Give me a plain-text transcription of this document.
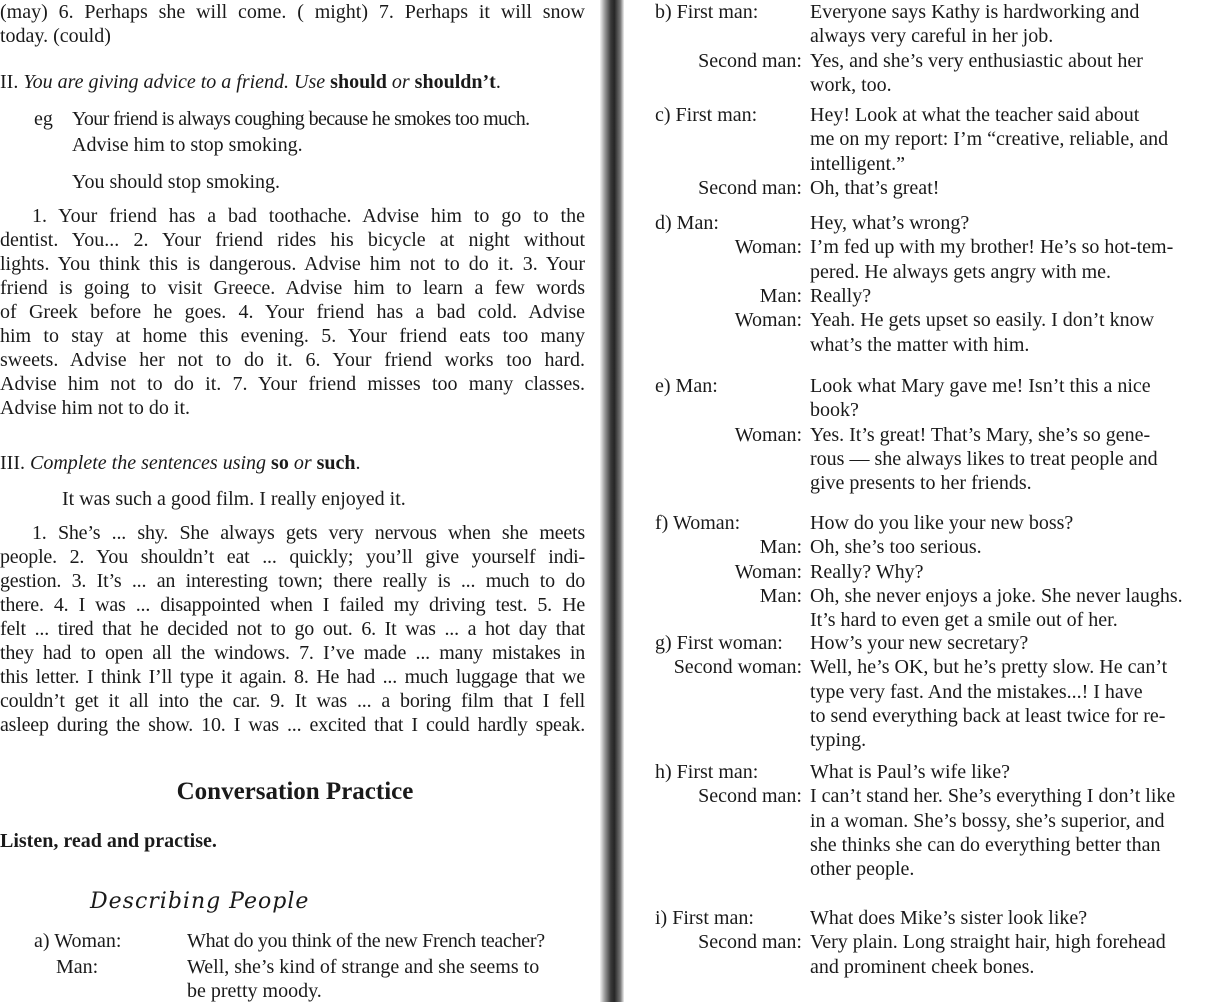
(may) 6. Perhaps she will come. ( might) 7. Perhaps it will snow
today. (could)
II. You are giving advice to a friend. Use should or shouldn’t.
eg Your friend is always coughing because he smokes too much.
Advise him to stop smoking.
You should stop smoking.
1. Your friend has a bad toothache. Advise him to go to the
dentist. You... 2. Your friend rides his bicycle at night without
lights. You think this is dangerous. Advise him not to do it. 3. Your
friend is going to visit Greece. Advise him to learn a few words
of Greek before he goes. 4. Your friend has a bad cold. Advise
him to stay at home this evening. 5. Your friend eats too many
sweets. Advise her not to do it. 6. Your friend works too hard.
Advise him not to do it. 7. Your friend misses too many classes.
Advise him not to do it.
III. Complete the sentences using so or such.
It was such a good film. I really enjoyed it.
1. She’s ... shy. She always gets very nervous when she meets
people. 2. You shouldn’t eat ... quickly; you’ll give yourself indi-
gestion. 3. It’s ... an interesting town; there really is ... much to do
there. 4. I was ... disappointed when I failed my driving test. 5. He
felt ... tired that he decided not to go out. 6. It was ... a hot day that
they had to open all the windows. 7. I’ve made ... many mistakes in
this letter. I think I’ll type it again. 8. He had ... much luggage that we
couldn’t get it all into the car. 9. It was ... a boring film that I fell
asleep during the show. 10. I was ... excited that I could hardly speak.
Conversation Practice
Listen, read and practise.
Describing People
a) Woman:	What do you think of the new French teacher?
Man:	Well, she’s kind of strange and she seems to
be pretty moody.
b) First man:	Everyone says Kathy is hardworking and
always very careful in her job.
Second man: Yes, and she’s very enthusiastic about her
work, too.
c) First man:	Hey! Look at what the teacher said about
me on my report: I’m “creative, reliable, and
intelligent.”
Second man: Oh, that’s great!
d) Man:	Hey, what’s wrong?
Woman: I’m fed up with my brother! He’s so hot-tem-
pered. He always gets angry with me.
Man: Really?
Woman: Yeah. He gets upset so easily. I don’t know
what’s the matter with him.
e) Man:	Look what Mary gave me! Isn’t this a nice
book?
Woman: Yes. It’s great! That’s Mary, she’s so gene-
rous — she always likes to treat people and
give presents to her friends.
f) Woman:	How do you like your new boss?
Man: Oh, she’s too serious.
Woman: Really? Why?
Man: Oh, she never enjoys a joke. She never laughs.
It’s hard to even get a smile out of her.
g) First woman: How’s your new secretary?
Second woman: Well, he’s OK, but he’s pretty slow. He can’t
type very fast. And the mistakes...! I have
to send everything back at least twice for re-
typing.
h) First man:	What is Paul’s wife like?
Second man: I can’t stand her. She’s everything I don’t like
in a woman. She’s bossy, she’s superior, and
she thinks she can do everything better than
other people.
i) First man:	What does Mike’s sister look like?
Second man: Very plain. Long straight hair, high forehead
and prominent cheek bones.
